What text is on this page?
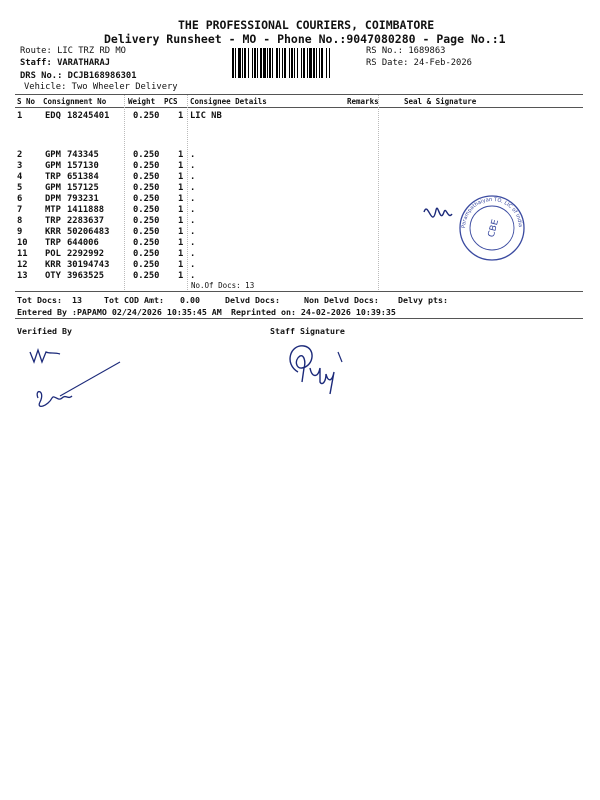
THE PROFESSIONAL COURIERS, COIMBATORE
Delivery Runsheet - MO - Phone No.:9047080280 - Page No.:1
Route: LIC TRZ RD MO
Staff: VARATHARAJ
DRS No.: DCJB168986301
Vehicle: Two Wheeler Delivery
RS No.: 1689863
RS Date: 24-Feb-2026
S No Consignment No	Weight PCS Consignee Details	Remarks	Seal & Signature
1	EDQ 18245401	0.250 1 LIC NB
2	GPM 743345	0.250 1 .
3	GPM 157130	0.250 1 .
4	TRP 651384	0.250 1 .
5	GPM 157125	0.250 1 .
6	DPM 793231	0.250 1 .
7	MTP 1411888	0.250 1 .
8	TRP 2283637	0.250 1 .
9	KRR 50206483	0.250 1 .
10 TRP 644006	0.250 1 .
11 POL 2292992	0.250 1 .
12 KRR 30194743	0.250 1 .
13 OTY 3963525	0.250 1 .
No.Of Docs: 13
Tot Docs: 13	Tot COD Amt: 0.00	Delvd Docs:	Non Delvd Docs: Delvy pts:
Entered By :PAPAMO 02/24/2026 10:35:45 AM Reprinted on: 24-02-2026 10:39:35
Verified By	Staff Signature
Parampathaiyan TO. LIC of India
CBE
